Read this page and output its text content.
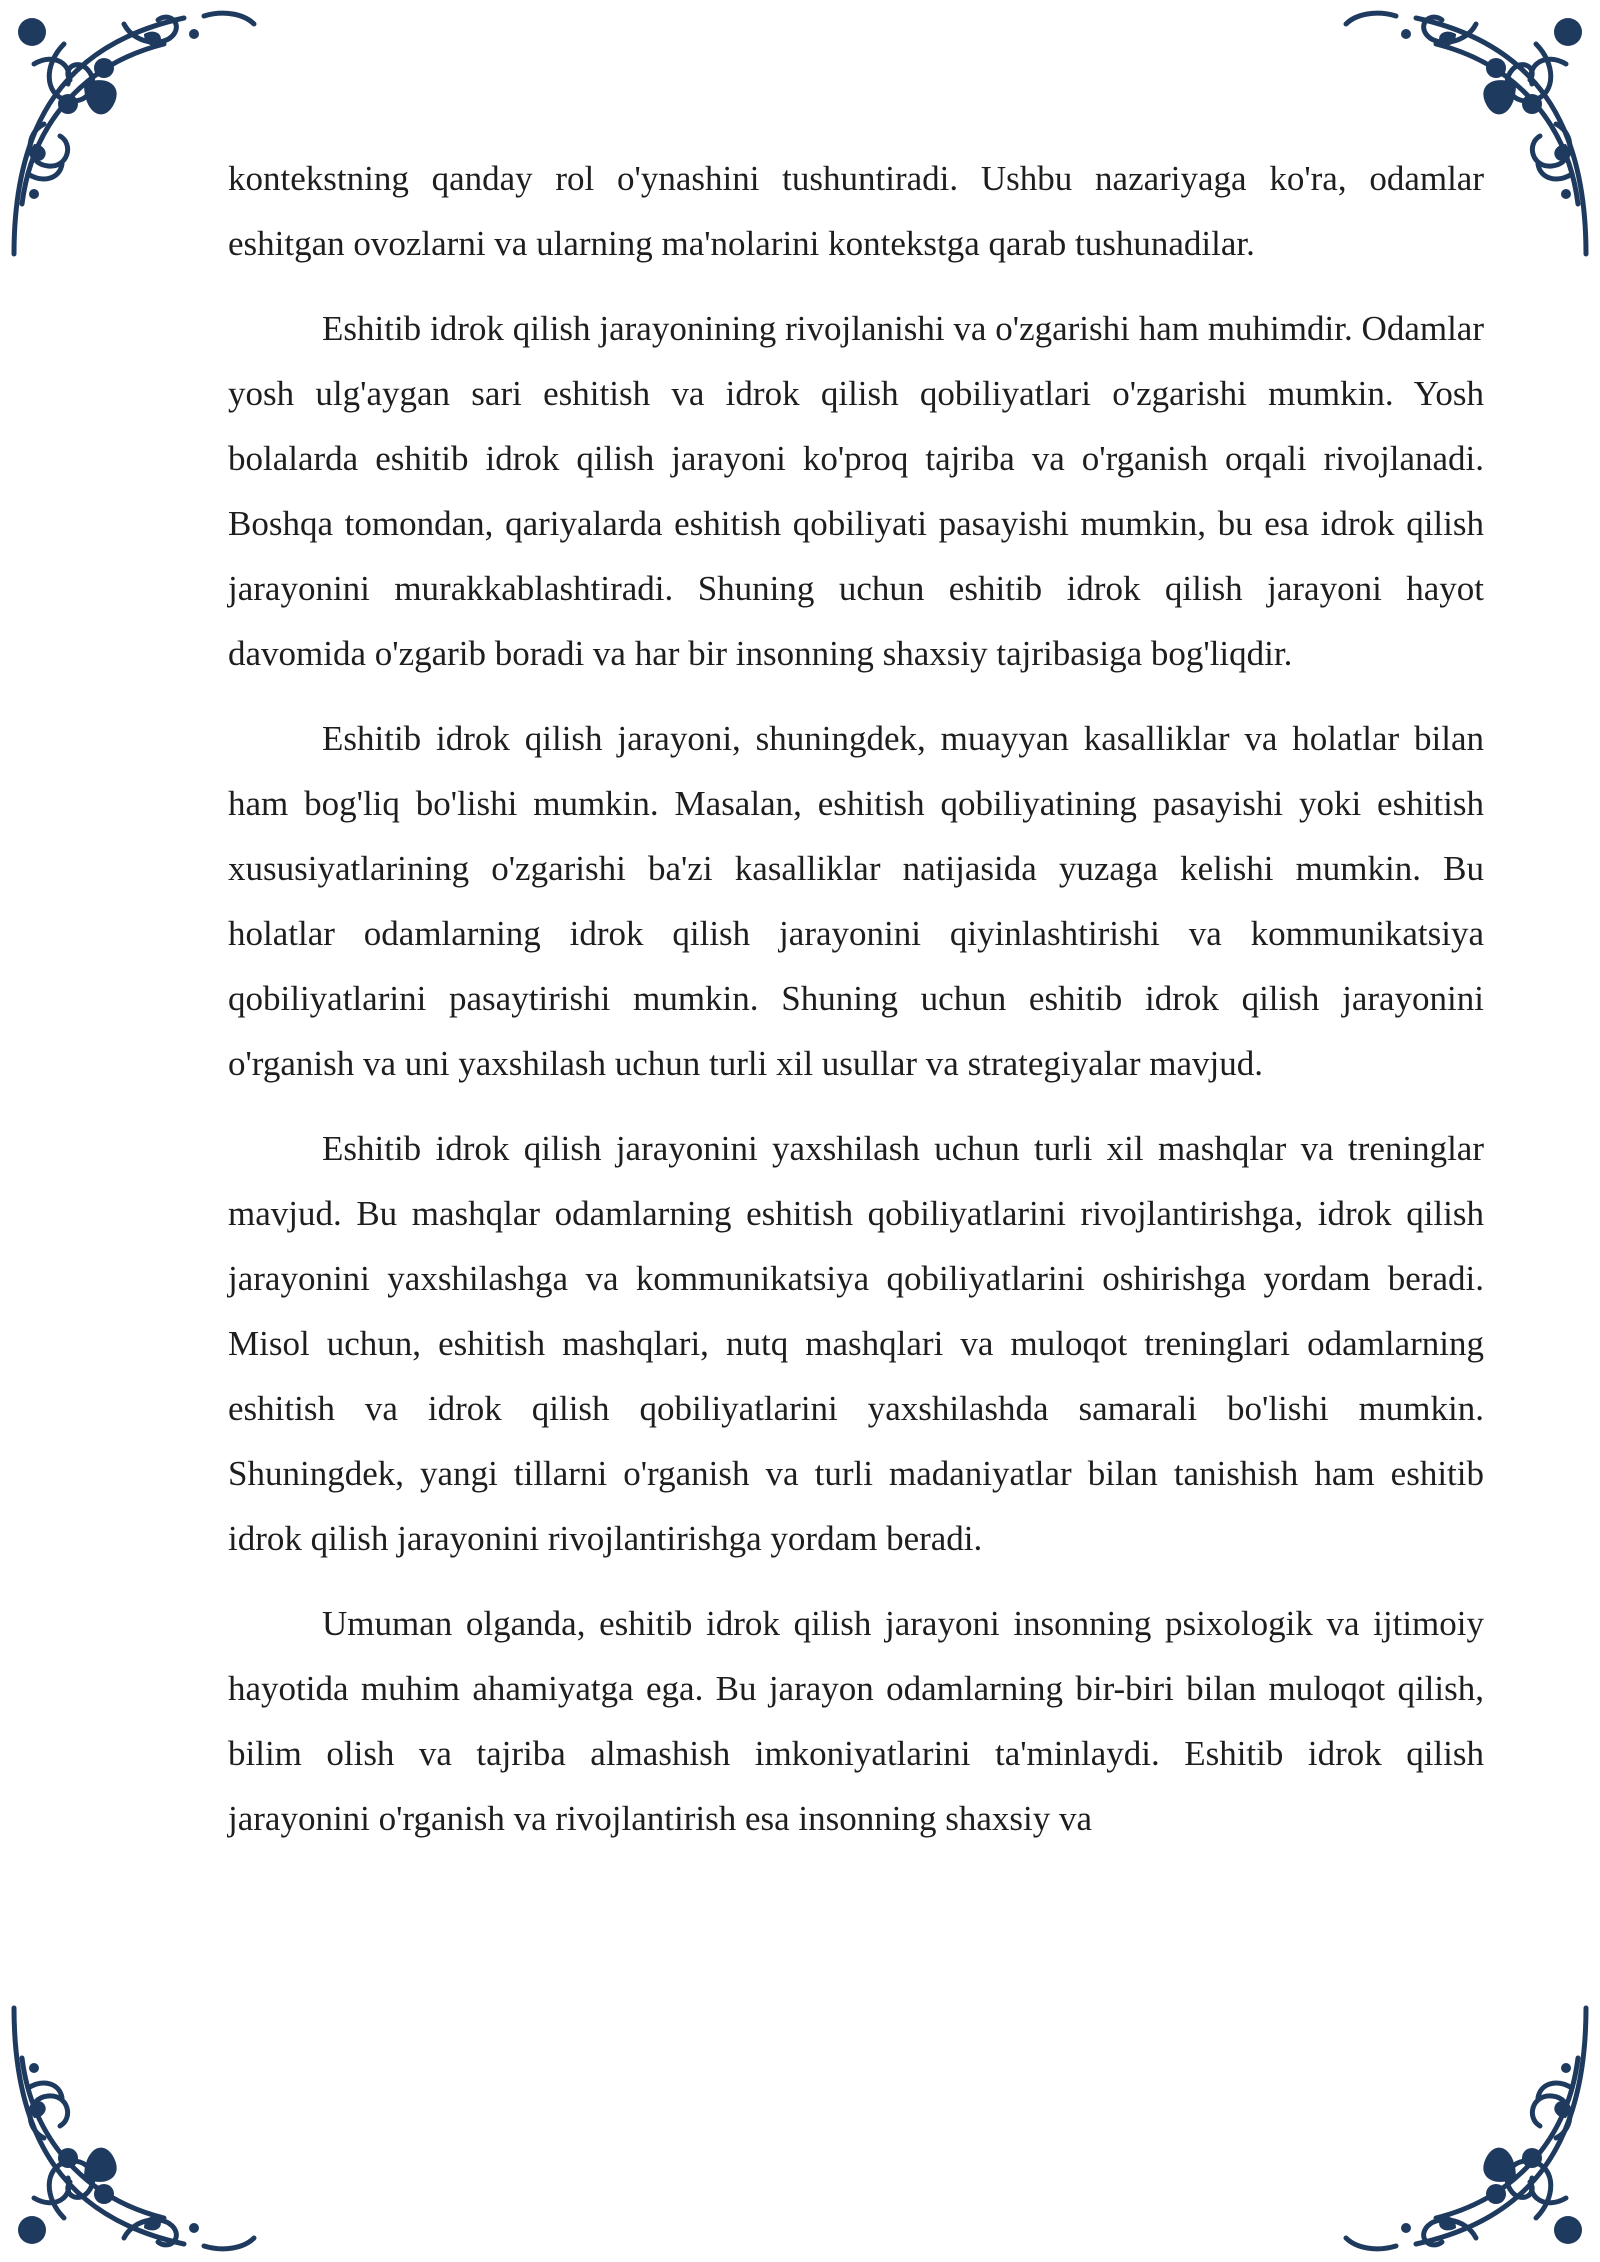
kontekstning qanday rol o'ynashini tushuntiradi. Ushbu nazariyaga ko'ra, odamlar eshitgan ovozlarni va ularning ma'nolarini kontekstga qarab tushunadilar.

Eshitib idrok qilish jarayonining rivojlanishi va o'zgarishi ham muhimdir. Odamlar yosh ulg'aygan sari eshitish va idrok qilish qobiliyatlari o'zgarishi mumkin. Yosh bolalarda eshitib idrok qilish jarayoni ko'proq tajriba va o'rganish orqali rivojlanadi. Boshqa tomondan, qariyalarda eshitish qobiliyati pasayishi mumkin, bu esa idrok qilish jarayonini murakkablashtiradi. Shuning uchun eshitib idrok qilish jarayoni hayot davomida o'zgarib boradi va har bir insonning shaxsiy tajribasiga bog'liqdir.

Eshitib idrok qilish jarayoni, shuningdek, muayyan kasalliklar va holatlar bilan ham bog'liq bo'lishi mumkin. Masalan, eshitish qobiliyatining pasayishi yoki eshitish xususiyatlarining o'zgarishi ba'zi kasalliklar natijasida yuzaga kelishi mumkin. Bu holatlar odamlarning idrok qilish jarayonini qiyinlashtirishi va kommunikatsiya qobiliyatlarini pasaytirishi mumkin. Shuning uchun eshitib idrok qilish jarayonini o'rganish va uni yaxshilash uchun turli xil usullar va strategiyalar mavjud.

Eshitib idrok qilish jarayonini yaxshilash uchun turli xil mashqlar va treninglar mavjud. Bu mashqlar odamlarning eshitish qobiliyatlarini rivojlantirishga, idrok qilish jarayonini yaxshilashga va kommunikatsiya qobiliyatlarini oshirishga yordam beradi. Misol uchun, eshitish mashqlari, nutq mashqlari va muloqot treninglari odamlarning eshitish va idrok qilish qobiliyatlarini yaxshilashda samarali bo'lishi mumkin. Shuningdek, yangi tillarni o'rganish va turli madaniyatlar bilan tanishish ham eshitib idrok qilish jarayonini rivojlantirishga yordam beradi.

Umuman olganda, eshitib idrok qilish jarayoni insonning psixologik va ijtimoiy hayotida muhim ahamiyatga ega. Bu jarayon odamlarning bir-biri bilan muloqot qilish, bilim olish va tajriba almashish imkoniyatlarini ta'minlaydi. Eshitib idrok qilish jarayonini o'rganish va rivojlantirish esa insonning shaxsiy va
